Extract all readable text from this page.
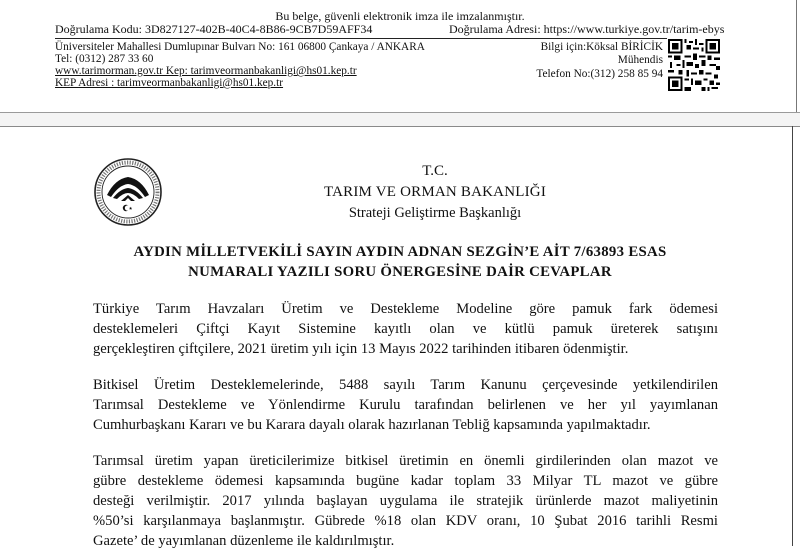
Bu belge, güvenli elektronik imza ile imzalanmıştır.
Doğrulama Kodu: 3D827127-402B-40C4-8B86-9CB7D59AFF34	Doğrulama Adresi: https://www.turkiye.gov.tr/tarim-ebys
Üniversiteler Mahallesi Dumlupınar Bulvarı No: 161 06800 Çankaya / ANKARA
Tel: (0312) 287 33 60
www.tarimorman.gov.tr Kep: tarimveormanbakanligi@hs01.kep.tr
KEP Adresi : tarimveormanbakanligi@hs01.kep.tr
Bilgi için:Köksal BİRİCİK
Mühendis
Telefon No:(312) 258 85 94
T.C.
TARIM VE ORMAN BAKANLIĞI
Strateji Geliştirme Başkanlığı
AYDIN MİLLETVEKİLİ SAYIN AYDIN ADNAN SEZGİN’E AİT 7/63893 ESAS
NUMARALI YAZILI SORU ÖNERGESİNE DAİR CEVAPLAR
Türkiye Tarım Havzaları Üretim ve Destekleme Modeline göre pamuk fark ödemesi
desteklemeleri Çiftçi Kayıt Sistemine kayıtlı olan ve kütlü pamuk üreterek satışını
gerçekleştiren çiftçilere, 2021 üretim yılı için 13 Mayıs 2022 tarihinden itibaren ödenmiştir.
Bitkisel Üretim Desteklemelerinde, 5488 sayılı Tarım Kanunu çerçevesinde yetkilendirilen
Tarımsal Destekleme ve Yönlendirme Kurulu tarafından belirlenen ve her yıl yayımlanan
Cumhurbaşkanı Kararı ve bu Karara dayalı olarak hazırlanan Tebliğ kapsamında yapılmaktadır.
Tarımsal üretim yapan üreticilerimize bitkisel üretimin en önemli girdilerinden olan mazot ve
gübre destekleme ödemesi kapsamında bugüne kadar toplam 33 Milyar TL mazot ve gübre
desteği verilmiştir. 2017 yılında başlayan uygulama ile stratejik ürünlerde mazot maliyetinin
%50’si karşılanmaya başlanmıştır. Gübrede %18 olan KDV oranı, 10 Şubat 2016 tarihli Resmi
Gazete’ de yayımlanan düzenleme ile kaldırılmıştır.
